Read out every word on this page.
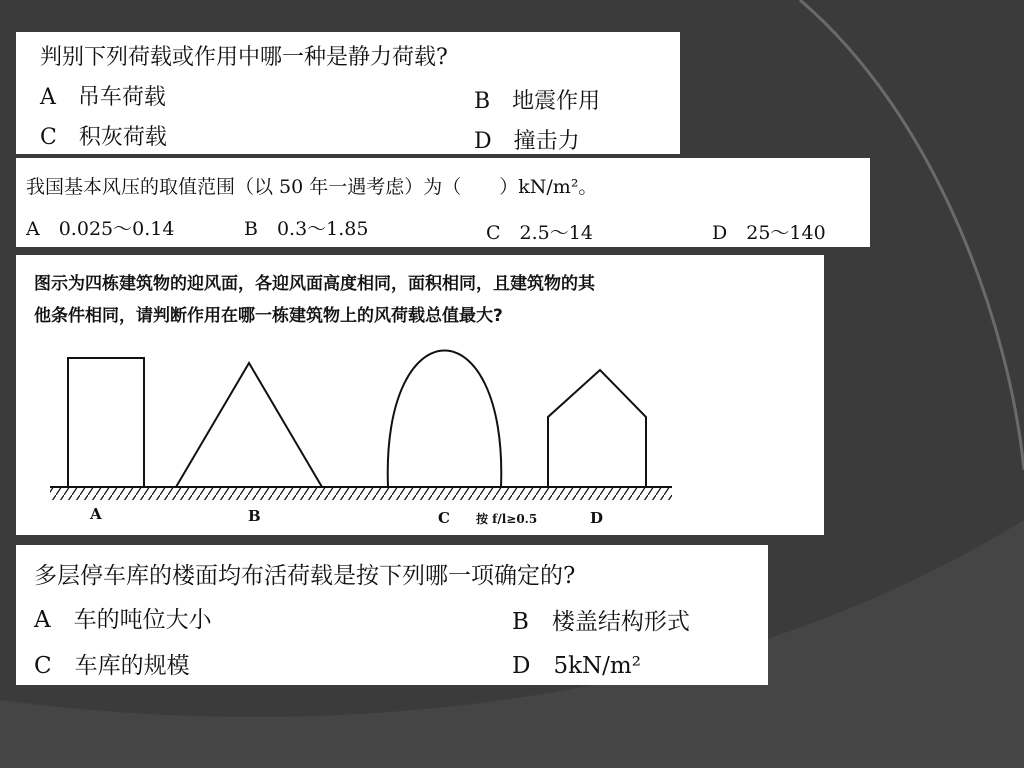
判别下列荷载或作用中哪一种是静力荷载?
A　吊车荷载	B　地震作用
C　积灰荷载	D　撞击力
我国基本风压的取值范围（以 50 年一遇考虑）为（　　）kN/m²。
A　0.025～0.14	B　0.3～1.85	C　2.5～14	D　25～140
图示为四栋建筑物的迎风面，各迎风面高度相同，面积相同，且建筑物的其
他条件相同，请判断作用在哪一栋建筑物上的风荷载总值最大?
A	B	C 按 f/l≥0.5	D
多层停车库的楼面均布活荷载是按下列哪一项确定的?
A　车的吨位大小	B　楼盖结构形式
C　车库的规模	D　5kN/m²
